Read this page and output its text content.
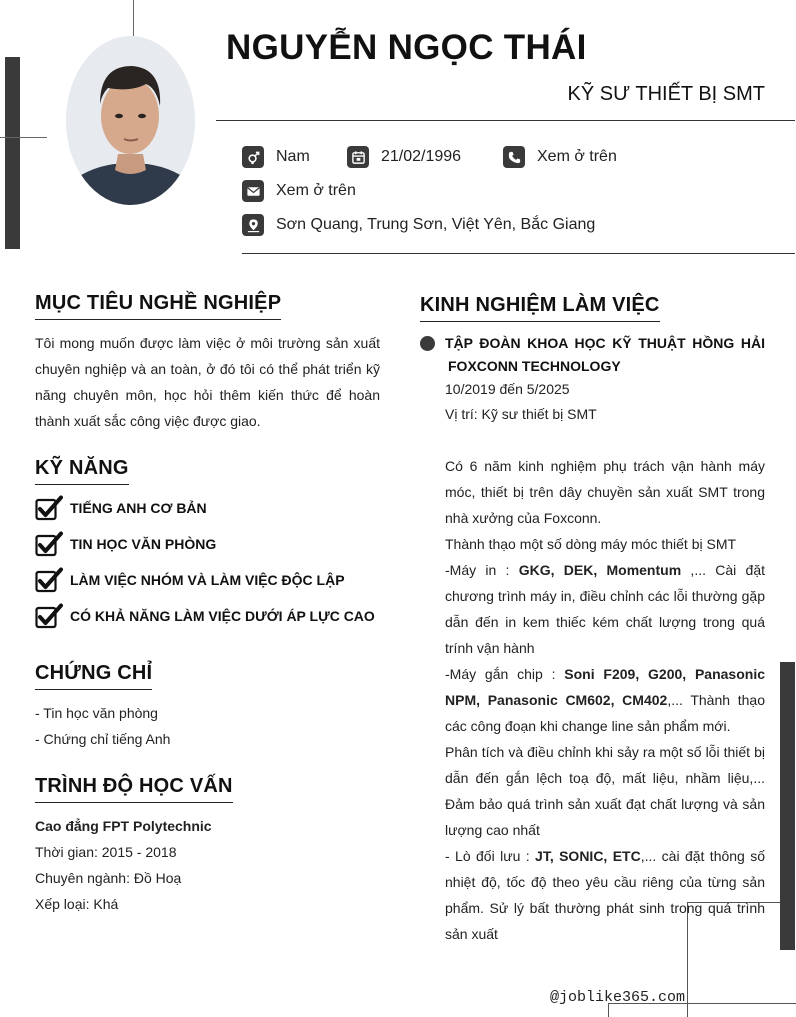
NGUYỄN NGỌC THÁI
KỸ SƯ THIẾT BỊ SMT
Nam	21/02/1996	Xem ở trên
Xem ở trên
Sơn Quang, Trung Sơn, Việt Yên, Bắc Giang
MỤC TIÊU NGHỀ NGHIỆP
Tôi mong muốn được làm việc ở môi trường sản xuất chuyên nghiệp và an toàn, ở đó tôi có thể phát triển kỹ năng chuyên môn, học hỏi thêm kiến thức để hoàn thành xuất sắc công việc được giao.
KỸ NĂNG
TIẾNG ANH CƠ BẢN
TIN HỌC VĂN PHÒNG
LÀM VIỆC NHÓM VÀ LÀM VIỆC ĐỘC LẬP
CÓ KHẢ NĂNG LÀM VIỆC DƯỚI ÁP LỰC CAO
CHỨNG CHỈ
- Tin học văn phòng
- Chứng chỉ tiếng Anh
TRÌNH ĐỘ HỌC VẤN
Cao đẳng FPT Polytechnic
Thời gian: 2015 - 2018
Chuyên ngành: Đồ Hoạ
Xếp loại: Khá
KINH NGHIỆM LÀM VIỆC
TẬP ĐOÀN KHOA HỌC KỸ THUẬT HỒNG HẢI
FOXCONN TECHNOLOGY
10/2019 đến 5/2025
Vị trí: Kỹ sư thiết bị SMT
Có 6 năm kinh nghiệm phụ trách vận hành máy móc, thiết bị trên dây chuyền sản xuất SMT trong nhà xưởng của Foxconn.
Thành thạo một số dòng máy móc thiết bị SMT
-Máy in : GKG, DEK, Momentum ,... Cài đặt chương trình máy in, điều chỉnh các lỗi thường gặp dẫn đến in kem thiếc kém chất lượng trong quá trính vận hành
-Máy gắn chip : Soni F209, G200, Panasonic NPM, Panasonic CM602, CM402,... Thành thạo các công đoạn khi change line sản phẩm mới.
Phân tích và điều chỉnh khi sảy ra một số lỗi thiết bị dẫn đến gắn lệch toạ độ, mất liệu, nhầm liệu,... Đảm bảo quá trình sản xuất đạt chất lượng và sản lượng cao nhất
- Lò đối lưu : JT, SONIC, ETC,... cài đặt thông số nhiệt độ, tốc độ theo yêu cầu riêng của từng sản phẩm. Sử lý bất thường phát sinh trong quá trình sản xuất
@joblike365.com
